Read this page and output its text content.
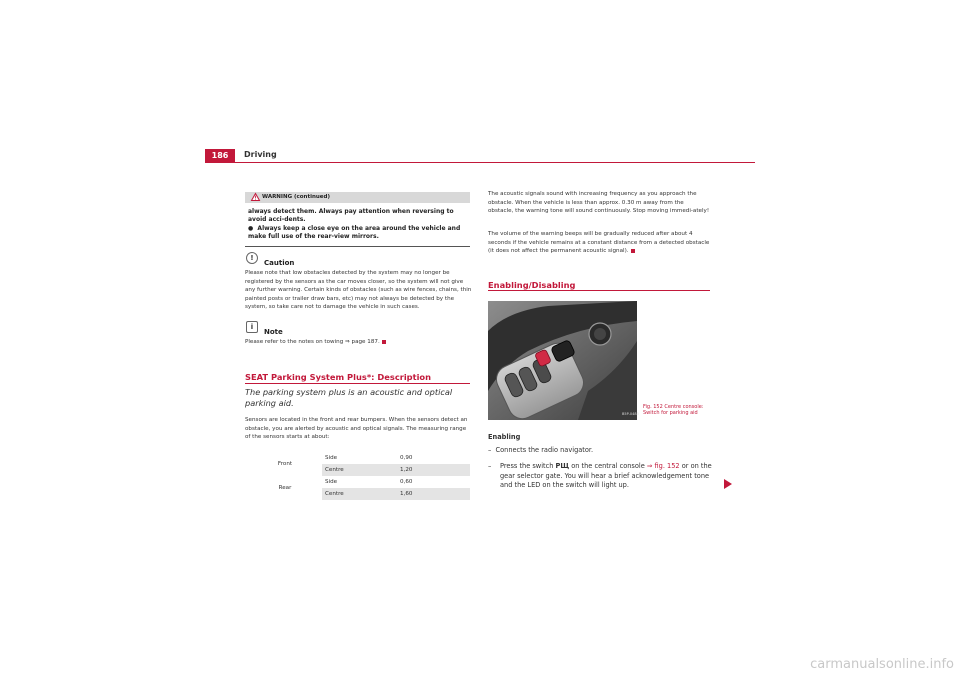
186	Driving
WARNING (continued)
always detect them. Always pay attention when reversing to avoid acci-dents.
●  Always keep a close eye on the area around the vehicle and make full use of the rear-view mirrors.
!
Caution
Please note that low obstacles detected by the system may no longer be registered by the sensors as the car moves closer, so the system will not give any further warning. Certain kinds of obstacles (such as wire fences, chains, thin painted posts or trailer draw bars, etc) may not always be detected by the system, so take care not to damage the vehicle in such cases.
i
Note
Please refer to the notes on towing ⇒ page 187.
SEAT Parking System Plus*: Description
The parking system plus is an acoustic and optical parking aid.
Sensors are located in the front and rear bumpers. When the sensors detect an obstacle, you are alerted by acoustic and optical signals. The measuring range of the sensors starts at about:
Front	Side	0,90
	Centre	1,20
Rear	Side	0,60
	Centre	1,60
The acoustic signals sound with increasing frequency as you approach the obstacle. When the vehicle is less than approx. 0.30 m away from the obstacle, the warning tone will sound continuously. Stop moving immedi-ately!
The volume of the warning beeps will be gradually reduced after about 4 seconds if the vehicle remains at a constant distance from a detected obstacle (it does not affect the permanent acoustic signal).
Enabling/Disabling
B5P-0483
Fig. 152 Centre console:
Switch for parking aid
Enabling
– Connects the radio navigator.
–	Press the switch PЩ on the central console ⇒ fig. 152 or on the gear selector gate. You will hear a brief acknowledgement tone and the LED on the switch will light up.
carmanualsonline.info
